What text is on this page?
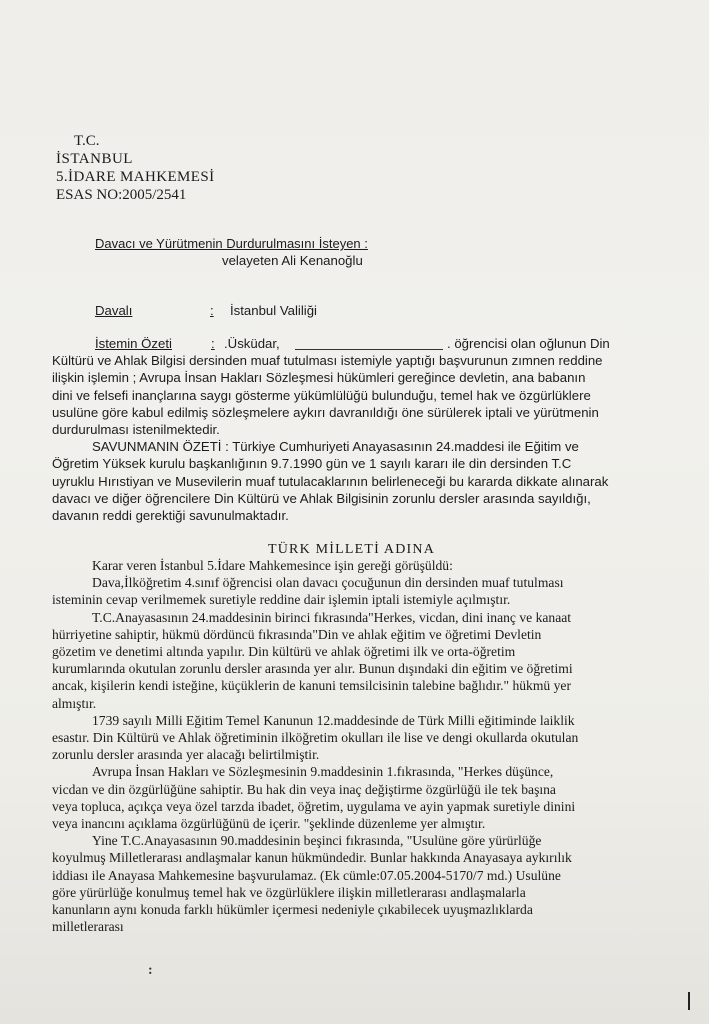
T.C.
İSTANBUL
5.İDARE MAHKEMESİ
ESAS NO:2005/2541
Davacı ve Yürütmenin Durdurulmasını İsteyen :
velayeten Ali Kenanoğlu
Davalı	: İstanbul Valiliği
İstemin Özeti	: .Üsküdar,	. öğrencisi olan oğlunun Din
Kültürü ve Ahlak Bilgisi dersinden muaf tutulması istemiyle yaptığı başvurunun zımnen reddine
ilişkin işlemin ; Avrupa İnsan Hakları Sözleşmesi hükümleri gereğince devletin, ana babanın
dini ve felsefi inançlarına saygı gösterme yükümlülüğü bulunduğu, temel hak ve özgürlüklere
usulüne göre kabul edilmiş sözleşmelere aykırı davranıldığı öne sürülerek iptali ve yürütmenin
durdurulması istenilmektedir.
SAVUNMANIN ÖZETİ : Türkiye Cumhuriyeti Anayasasının 24.maddesi ile Eğitim ve
Öğretim Yüksek kurulu başkanlığının 9.7.1990 gün ve 1 sayılı kararı ile din dersinden T.C
uyruklu Hırıstiyan ve Musevilerin muaf tutulacaklarının belirleneceği bu kararda dikkate alınarak
davacı ve diğer öğrencilere Din Kültürü ve Ahlak Bilgisinin zorunlu dersler arasında sayıldığı,
davanın reddi gerektiği savunulmaktadır.
TÜRK MİLLETİ ADINA
Karar veren İstanbul 5.İdare Mahkemesince işin gereği görüşüldü:
Dava,İlköğretim 4.sınıf öğrencisi olan davacı çocuğunun din dersinden muaf tutulması
isteminin cevap verilmemek suretiyle reddine dair işlemin iptali istemiyle açılmıştır.
T.C.Anayasasının 24.maddesinin birinci fıkrasında"Herkes, vicdan, dini inanç ve kanaat
hürriyetine sahiptir, hükmü dördüncü fıkrasında"Din ve ahlak eğitim ve öğretimi Devletin
gözetim ve denetimi altında yapılır. Din kültürü ve ahlak öğretimi ilk ve orta-öğretim
kurumlarında okutulan zorunlu dersler arasında yer alır. Bunun dışındaki din eğitim ve öğretimi
ancak, kişilerin kendi isteğine, küçüklerin de kanuni temsilcisinin talebine bağlıdır." hükmü yer
almıştır.
1739 sayılı Milli Eğitim Temel Kanunun 12.maddesinde de Türk Milli eğitiminde laiklik
esastır. Din Kültürü ve Ahlak öğretiminin ilköğretim okulları ile lise ve dengi okullarda okutulan
zorunlu dersler arasında yer alacağı belirtilmiştir.
Avrupa İnsan Hakları ve Sözleşmesinin 9.maddesinin 1.fıkrasında, "Herkes düşünce,
vicdan ve din özgürlüğüne sahiptir. Bu hak din veya inaç değiştirme özgürlüğü ile tek başına
veya topluca, açıkça veya özel tarzda ibadet, öğretim, uygulama ve ayin yapmak suretiyle dinini
veya inancını açıklama özgürlüğünü de içerir. "şeklinde düzenleme yer almıştır.
Yine T.C.Anayasasının 90.maddesinin beşinci fıkrasında, "Usulüne göre yürürlüğe
koyulmuş Milletlerarası andlaşmalar kanun hükmündedir. Bunlar hakkında Anayasaya aykırılık
iddiası ile Anayasa Mahkemesine başvurulamaz. (Ek cümle:07.05.2004-5170/7 md.) Usulüne
göre yürürlüğe konulmuş temel hak ve özgürlüklere ilişkin milletlerarası andlaşmalarla
kanunların aynı konuda farklı hükümler içermesi nedeniyle çıkabilecek uyuşmazlıklarda
milletlerarası
:
